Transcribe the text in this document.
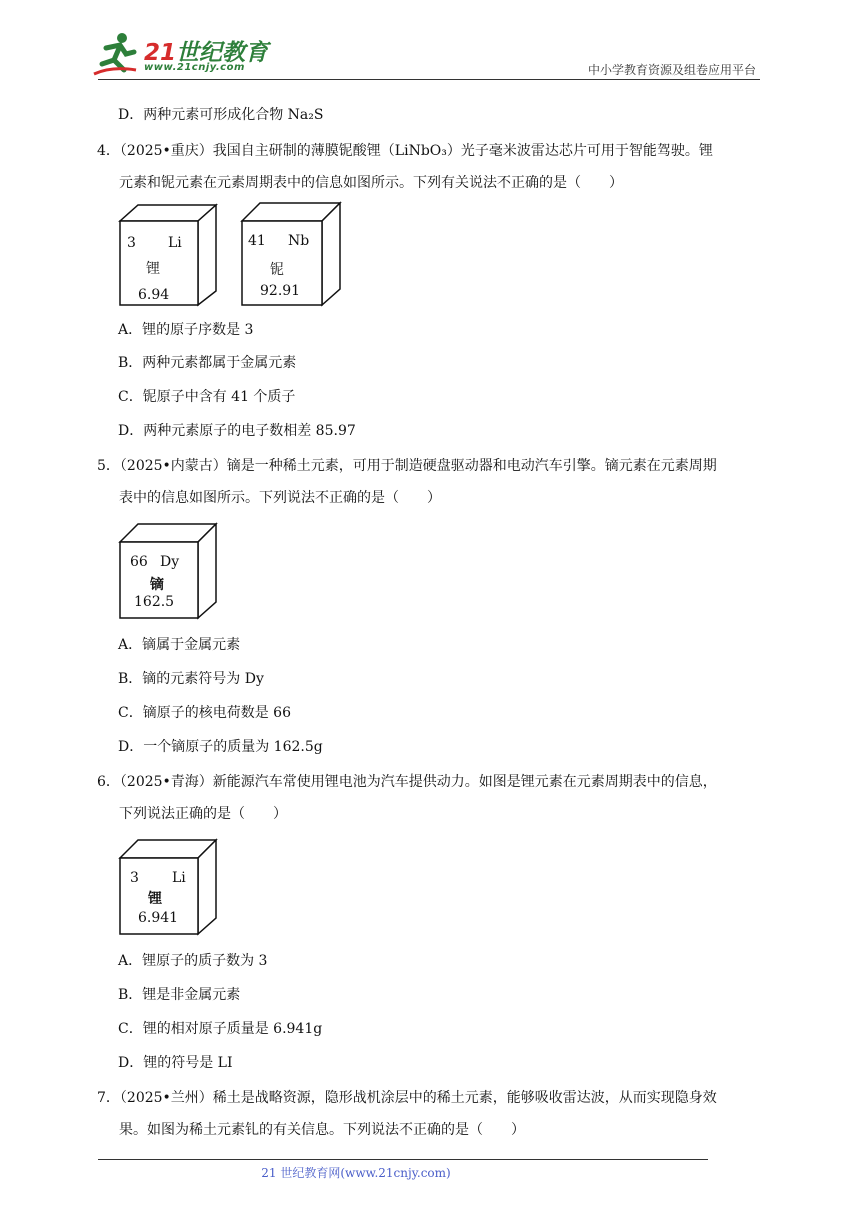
21世纪教育
www.21cnjy.com	中小学教育资源及组卷应用平台
D．两种元素可形成化合物 Na₂S
4．（2025•重庆）我国自主研制的薄膜铌酸锂（LiNbO₃）光子毫米波雷达芯片可用于智能驾驶。锂
元素和铌元素在元素周期表中的信息如图所示。下列有关说法不正确的是（　　）
3 Li
锂
6.94
41 Nb
铌
92.91
A．锂的原子序数是 3
B．两种元素都属于金属元素
C．铌原子中含有 41 个质子
D．两种元素原子的电子数相差 85.97
5．（2025•内蒙古）镝是一种稀土元素，可用于制造硬盘驱动器和电动汽车引擎。镝元素在元素周期
表中的信息如图所示。下列说法不正确的是（　　）
66 Dy
镝
162.5
A．镝属于金属元素
B．镝的元素符号为 Dy
C．镝原子的核电荷数是 66
D．一个镝原子的质量为 162.5g
6．（2025•青海）新能源汽车常使用锂电池为汽车提供动力。如图是锂元素在元素周期表中的信息，
下列说法正确的是（　　）
3 Li
锂
6.941
A．锂原子的质子数为 3
B．锂是非金属元素
C．锂的相对原子质量是 6.941g
D．锂的符号是 LI
7．（2025•兰州）稀土是战略资源，隐形战机涂层中的稀土元素，能够吸收雷达波，从而实现隐身效
果。如图为稀土元素钆的有关信息。下列说法不正确的是（　　）
21 世纪教育网(www.21cnjy.com)
